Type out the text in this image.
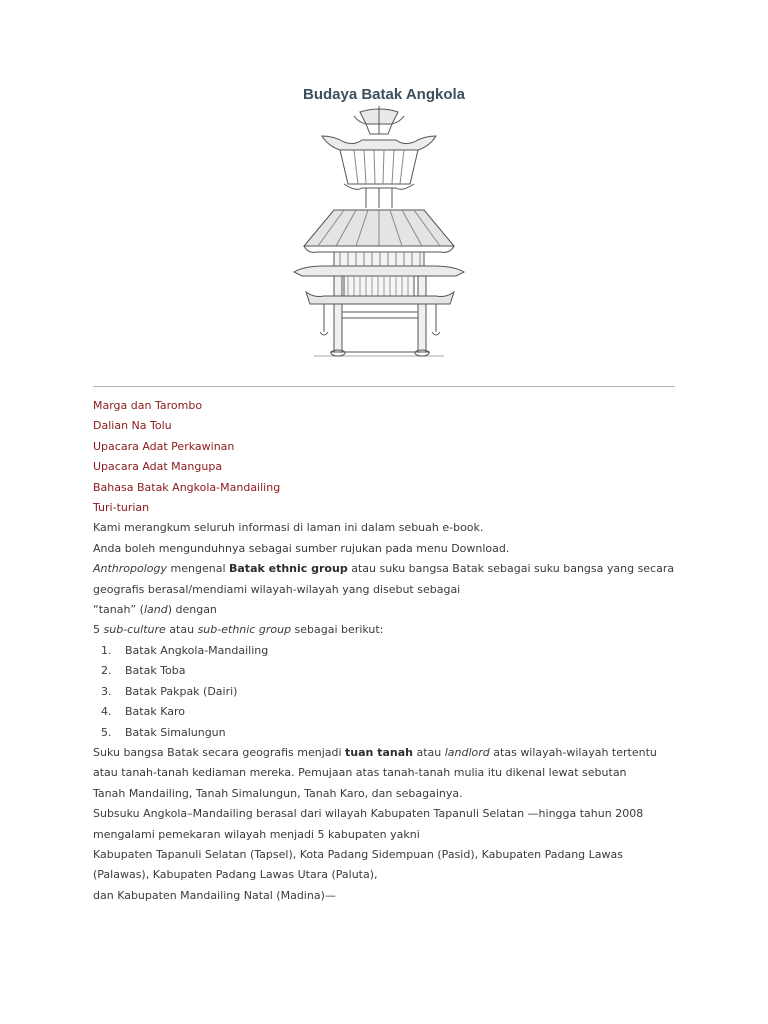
Budaya Batak Angkola
Marga dan Tarombo
Dalian Na Tolu
Upacara Adat Perkawinan
Upacara Adat Mangupa
Bahasa Batak Angkola-Mandailing
Turi-turian

Kami merangkum seluruh informasi di laman ini dalam sebuah e-book.

Anda boleh mengunduhnya sebagai sumber rujukan pada menu Download.

Anthropology mengenal Batak ethnic group atau suku bangsa Batak sebagai suku bangsa yang secara

geografis berasal/mendiami wilayah-wilayah yang disebut sebagai

“tanah” (land) dengan

5 sub-culture atau sub-ethnic group sebagai berikut:

1. Batak Angkola-Mandailing
2. Batak Toba
3. Batak Pakpak (Dairi)
4. Batak Karo
5. Batak Simalungun

Suku bangsa Batak secara geografis menjadi tuan tanah atau landlord atas wilayah-wilayah tertentu

atau tanah-tanah kediaman mereka. Pemujaan atas tanah-tanah mulia itu dikenal lewat sebutan

Tanah Mandailing, Tanah Simalungun, Tanah Karo, dan sebagainya.

Subsuku Angkola–Mandailing berasal dari wilayah Kabupaten Tapanuli Selatan —hingga tahun 2008

mengalami pemekaran wilayah menjadi 5 kabupaten yakni

Kabupaten Tapanuli Selatan (Tapsel), Kota Padang Sidempuan (Pasid), Kabupaten Padang Lawas

(Palawas), Kabupaten Padang Lawas Utara (Paluta),

dan Kabupaten Mandailing Natal (Madina)—
